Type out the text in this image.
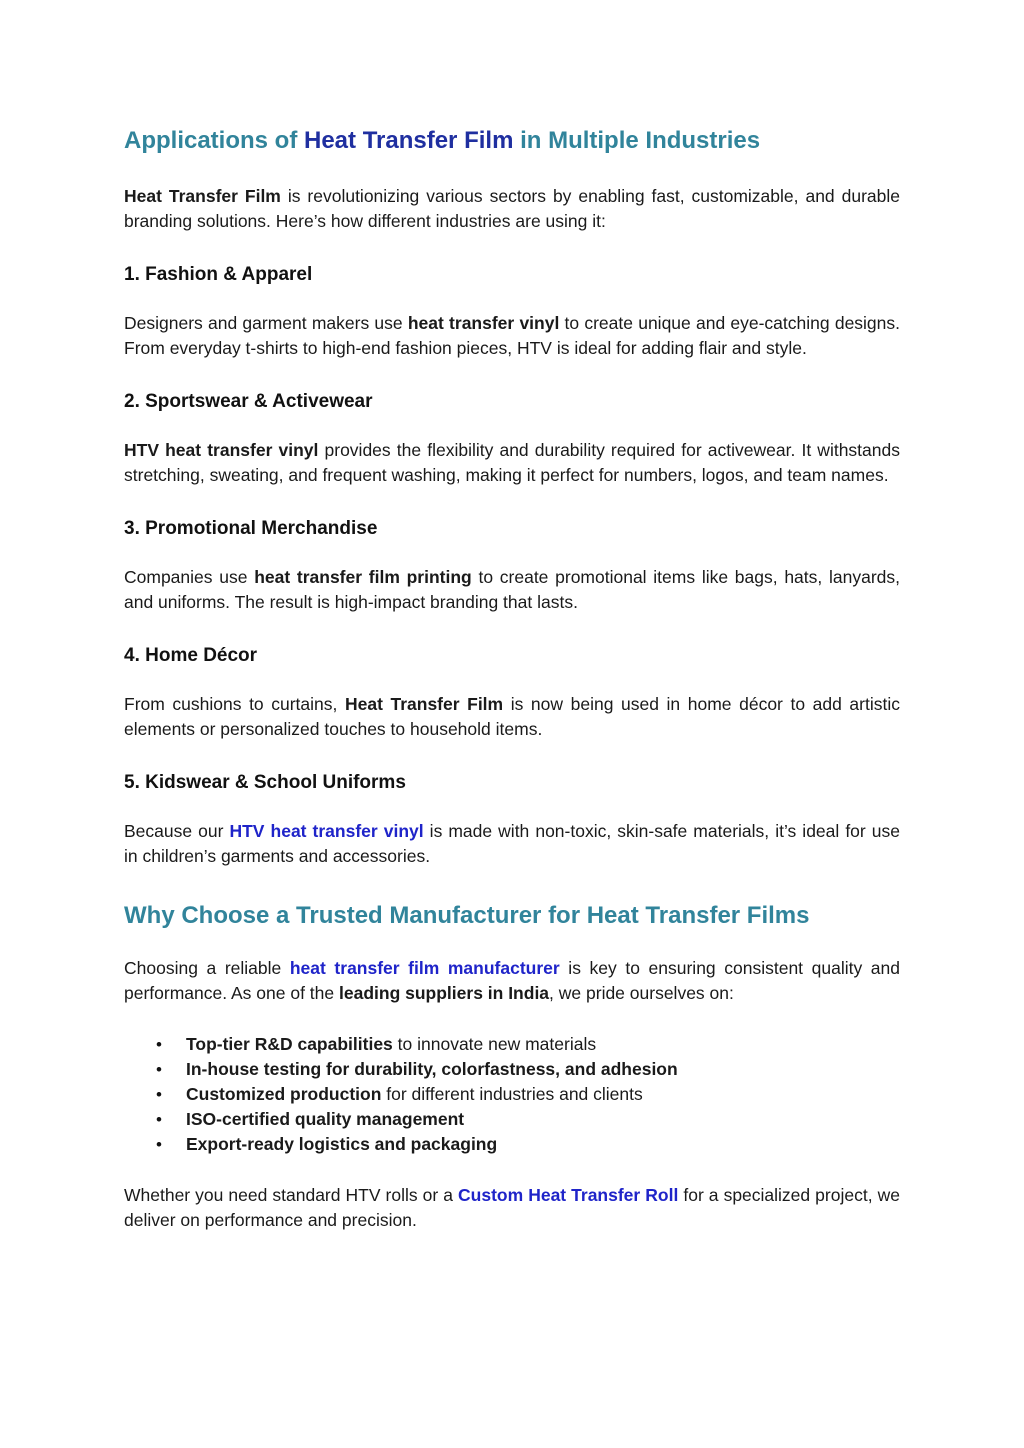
Applications of Heat Transfer Film in Multiple Industries

Heat Transfer Film is revolutionizing various sectors by enabling fast, customizable, and durable branding solutions. Here’s how different industries are using it:

1. Fashion & Apparel

Designers and garment makers use heat transfer vinyl to create unique and eye-catching designs. From everyday t-shirts to high-end fashion pieces, HTV is ideal for adding flair and style.

2. Sportswear & Activewear

HTV heat transfer vinyl provides the flexibility and durability required for activewear. It withstands stretching, sweating, and frequent washing, making it perfect for numbers, logos, and team names.

3. Promotional Merchandise

Companies use heat transfer film printing to create promotional items like bags, hats, lanyards, and uniforms. The result is high-impact branding that lasts.

4. Home Décor

From cushions to curtains, Heat Transfer Film is now being used in home décor to add artistic elements or personalized touches to household items.

5. Kidswear & School Uniforms

Because our HTV heat transfer vinyl is made with non-toxic, skin-safe materials, it’s ideal for use in children’s garments and accessories.

Why Choose a Trusted Manufacturer for Heat Transfer Films

Choosing a reliable heat transfer film manufacturer is key to ensuring consistent quality and performance. As one of the leading suppliers in India, we pride ourselves on:

• Top-tier R&D capabilities to innovate new materials
• In-house testing for durability, colorfastness, and adhesion
• Customized production for different industries and clients
• ISO-certified quality management
• Export-ready logistics and packaging

Whether you need standard HTV rolls or a Custom Heat Transfer Roll for a specialized project, we deliver on performance and precision.
